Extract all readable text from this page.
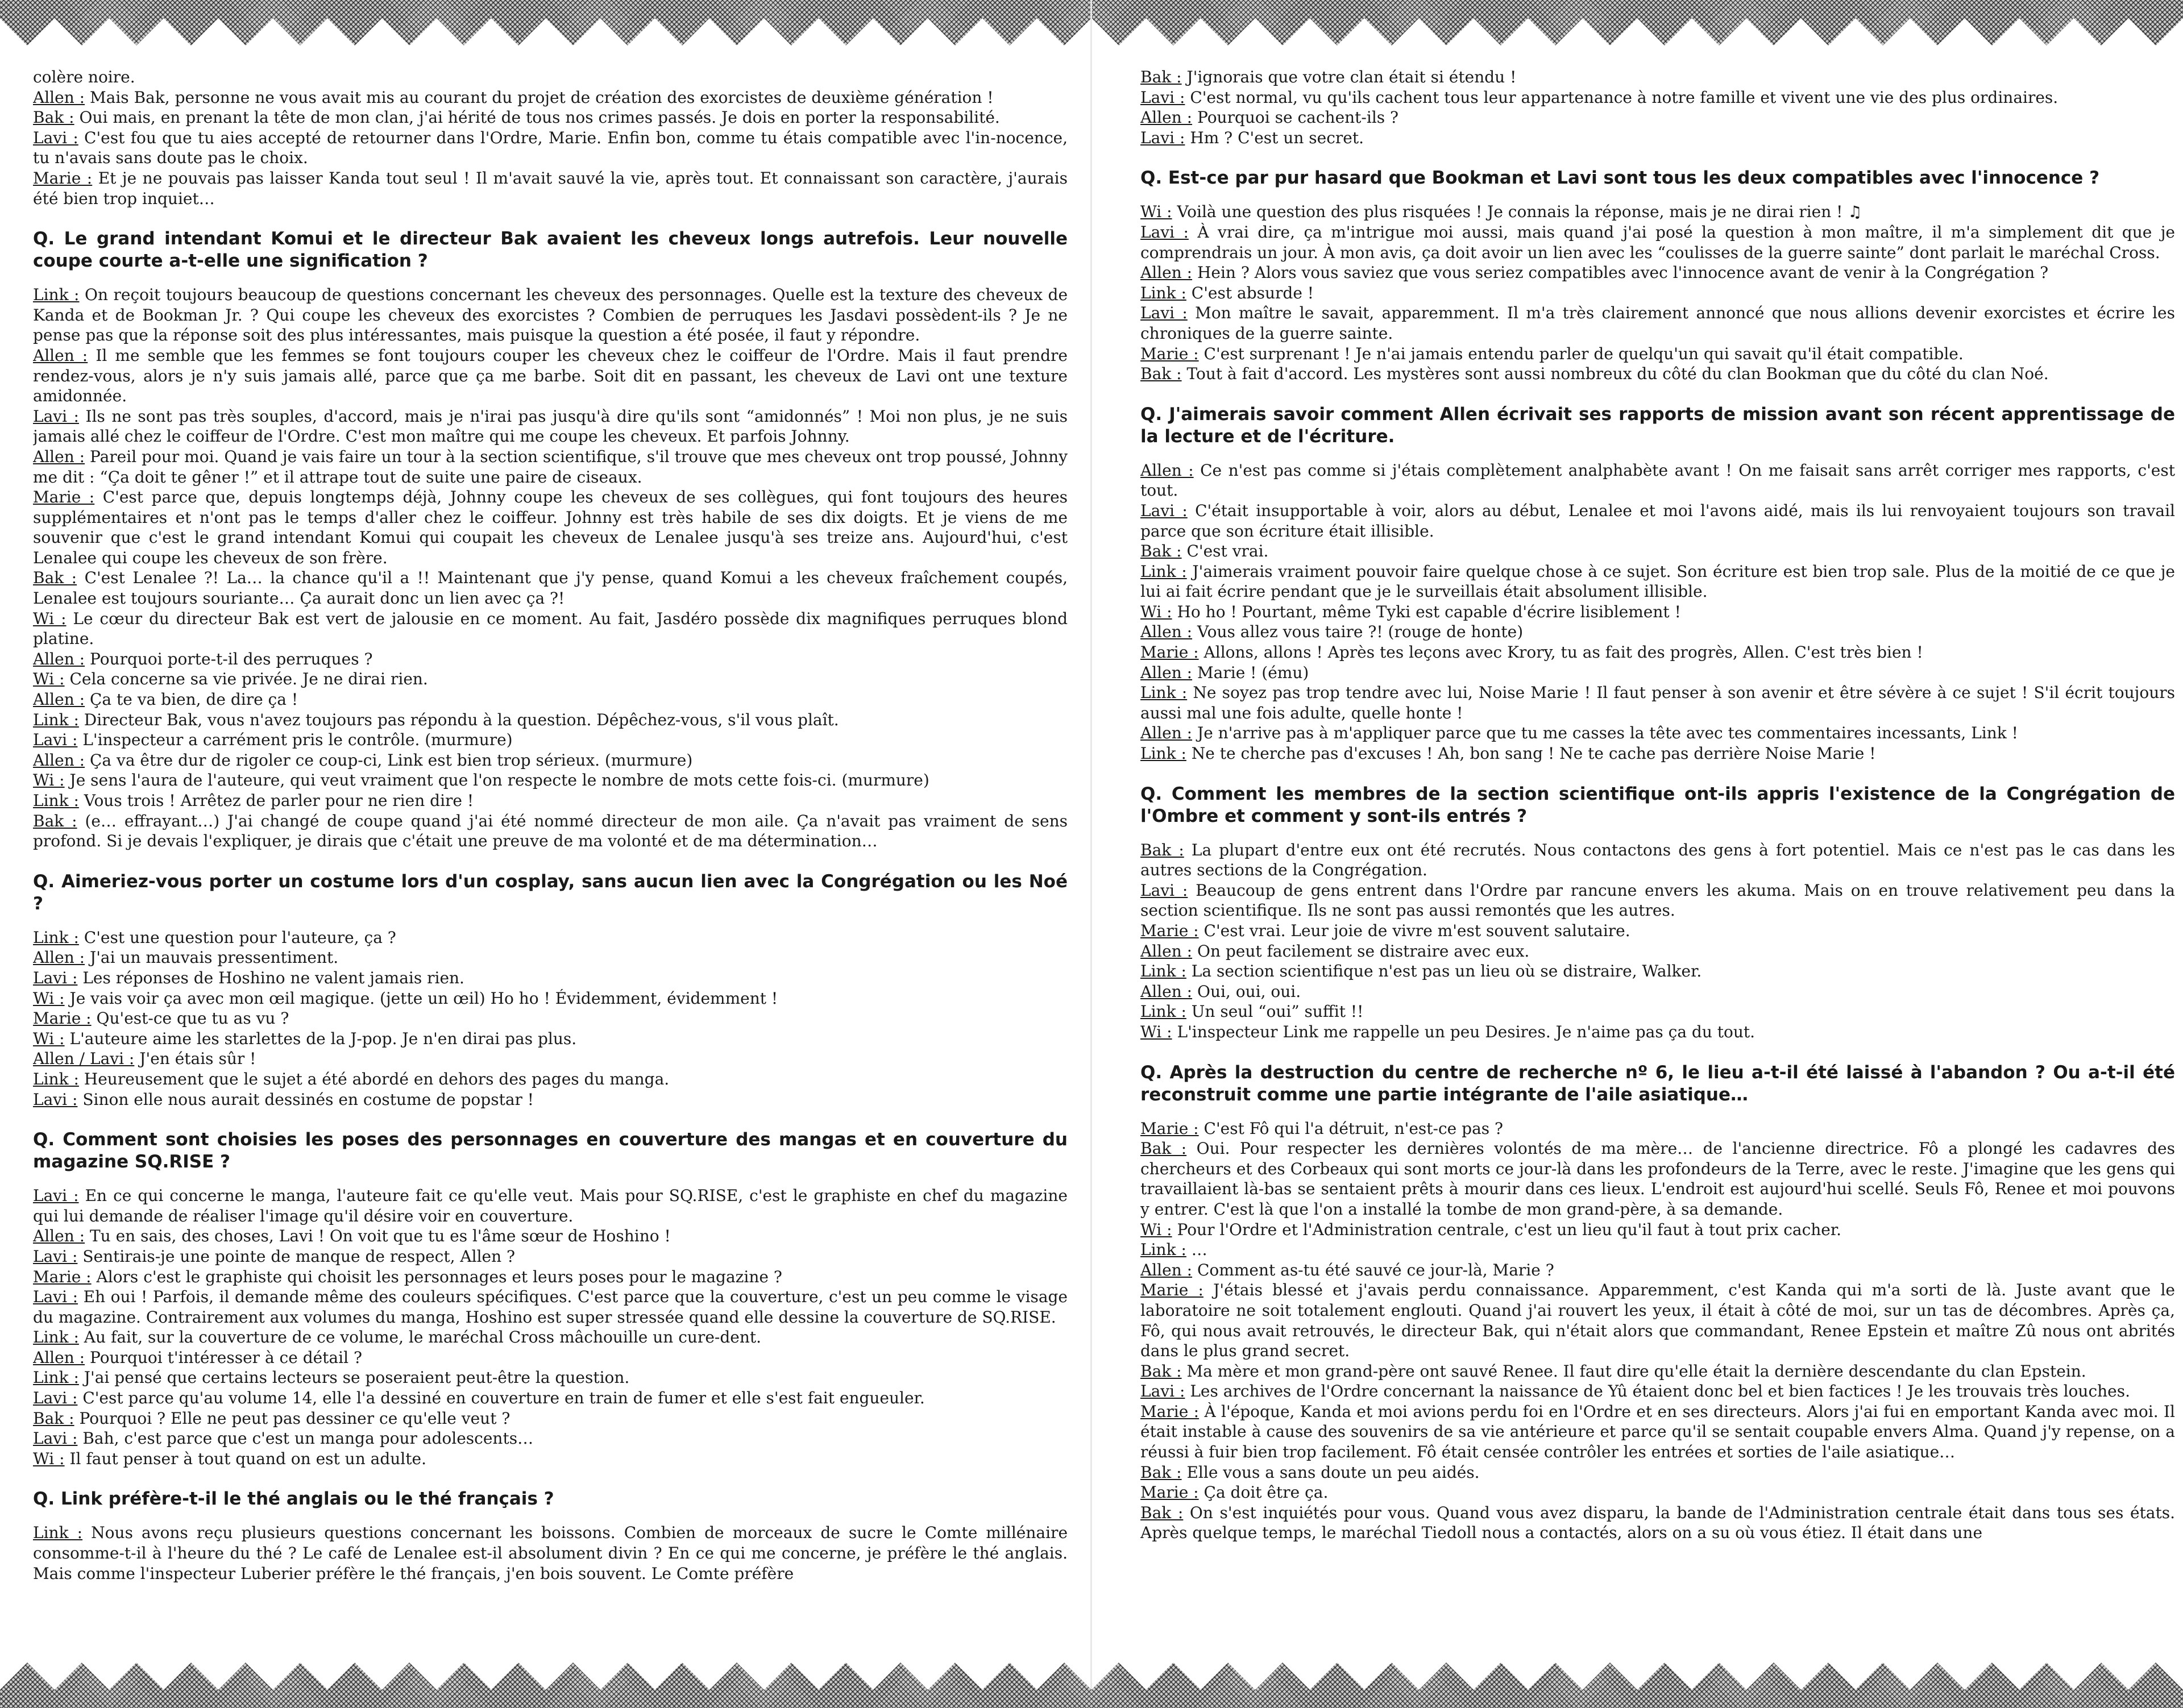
colère noire.

Allen : Mais Bak, personne ne vous avait mis au courant du projet de création des exorcistes de deuxième génération !

Bak : Oui mais, en prenant la tête de mon clan, j'ai hérité de tous nos crimes passés. Je dois en porter la responsabilité.

Lavi : C'est fou que tu aies accepté de retourner dans l'Ordre, Marie. Enfin bon, comme tu étais compatible avec l'in-nocence, tu n'avais sans doute pas le choix.

Marie : Et je ne pouvais pas laisser Kanda tout seul ! Il m'avait sauvé la vie, après tout. Et connaissant son caractère, j'aurais été bien trop inquiet…

Q. Le grand intendant Komui et le directeur Bak avaient les cheveux longs autrefois. Leur nouvelle coupe courte a-t-elle une signification ?

Link : On reçoit toujours beaucoup de questions concernant les cheveux des personnages. Quelle est la texture des cheveux de Kanda et de Bookman Jr. ? Qui coupe les cheveux des exorcistes ? Combien de perruques les Jasdavi possèdent-ils ? Je ne pense pas que la réponse soit des plus intéressantes, mais puisque la question a été posée, il faut y répondre.

Allen : Il me semble que les femmes se font toujours couper les cheveux chez le coiffeur de l'Ordre. Mais il faut prendre rendez-vous, alors je n'y suis jamais allé, parce que ça me barbe. Soit dit en passant, les cheveux de Lavi ont une texture amidonnée.

Lavi : Ils ne sont pas très souples, d'accord, mais je n'irai pas jusqu'à dire qu'ils sont “amidonnés” ! Moi non plus, je ne suis jamais allé chez le coiffeur de l'Ordre. C'est mon maître qui me coupe les cheveux. Et parfois Johnny.

Allen : Pareil pour moi. Quand je vais faire un tour à la section scientifique, s'il trouve que mes cheveux ont trop poussé, Johnny me dit : “Ça doit te gêner !” et il attrape tout de suite une paire de ciseaux.

Marie : C'est parce que, depuis longtemps déjà, Johnny coupe les cheveux de ses collègues, qui font toujours des heures supplémentaires et n'ont pas le temps d'aller chez le coiffeur. Johnny est très habile de ses dix doigts. Et je viens de me souvenir que c'est le grand intendant Komui qui coupait les cheveux de Lenalee jusqu'à ses treize ans. Aujourd'hui, c'est Lenalee qui coupe les cheveux de son frère.

Bak : C'est Lenalee ?! La… la chance qu'il a !! Maintenant que j'y pense, quand Komui a les cheveux fraîchement coupés, Lenalee est toujours souriante… Ça aurait donc un lien avec ça ?!

Wi : Le cœur du directeur Bak est vert de jalousie en ce moment. Au fait, Jasdéro possède dix magnifiques perruques blond platine.

Allen : Pourquoi porte-t-il des perruques ?

Wi : Cela concerne sa vie privée. Je ne dirai rien.

Allen : Ça te va bien, de dire ça !

Link : Directeur Bak, vous n'avez toujours pas répondu à la question. Dépêchez-vous, s'il vous plaît.

Lavi : L'inspecteur a carrément pris le contrôle. (murmure)

Allen : Ça va être dur de rigoler ce coup-ci, Link est bien trop sérieux. (murmure)

Wi : Je sens l'aura de l'auteure, qui veut vraiment que l'on respecte le nombre de mots cette fois-ci. (murmure)

Link : Vous trois ! Arrêtez de parler pour ne rien dire !

Bak : (e… effrayant…) J'ai changé de coupe quand j'ai été nommé directeur de mon aile. Ça n'avait pas vraiment de sens profond. Si je devais l'expliquer, je dirais que c'était une preuve de ma volonté et de ma détermination…

Q. Aimeriez-vous porter un costume lors d'un cosplay, sans aucun lien avec la Congrégation ou les Noé ?

Link : C'est une question pour l'auteure, ça ?

Allen : J'ai un mauvais pressentiment.

Lavi : Les réponses de Hoshino ne valent jamais rien.

Wi : Je vais voir ça avec mon œil magique. (jette un œil) Ho ho ! Évidemment, évidemment !

Marie : Qu'est-ce que tu as vu ?

Wi : L'auteure aime les starlettes de la J-pop. Je n'en dirai pas plus.

Allen / Lavi : J'en étais sûr !

Link : Heureusement que le sujet a été abordé en dehors des pages du manga.

Lavi : Sinon elle nous aurait dessinés en costume de popstar !

Q. Comment sont choisies les poses des personnages en couverture des mangas et en couverture du magazine SQ.RISE ?

Lavi : En ce qui concerne le manga, l'auteure fait ce qu'elle veut. Mais pour SQ.RISE, c'est le graphiste en chef du magazine qui lui demande de réaliser l'image qu'il désire voir en couverture.

Allen : Tu en sais, des choses, Lavi ! On voit que tu es l'âme sœur de Hoshino !

Lavi : Sentirais-je une pointe de manque de respect, Allen ?

Marie : Alors c'est le graphiste qui choisit les personnages et leurs poses pour le magazine ?

Lavi : Eh oui ! Parfois, il demande même des couleurs spécifiques. C'est parce que la couverture, c'est un peu comme le visage du magazine. Contrairement aux volumes du manga, Hoshino est super stressée quand elle dessine la couverture de SQ.RISE.

Link : Au fait, sur la couverture de ce volume, le maréchal Cross mâchouille un cure-dent.

Allen : Pourquoi t'intéresser à ce détail ?

Link : J'ai pensé que certains lecteurs se poseraient peut-être la question.

Lavi : C'est parce qu'au volume 14, elle l'a dessiné en couverture en train de fumer et elle s'est fait engueuler.

Bak : Pourquoi ? Elle ne peut pas dessiner ce qu'elle veut ?

Lavi : Bah, c'est parce que c'est un manga pour adolescents…

Wi : Il faut penser à tout quand on est un adulte.

Q. Link préfère-t-il le thé anglais ou le thé français ?

Link : Nous avons reçu plusieurs questions concernant les boissons. Combien de morceaux de sucre le Comte millénaire consomme-t-il à l'heure du thé ? Le café de Lenalee est-il absolument divin ? En ce qui me concerne, je préfère le thé anglais. Mais comme l'inspecteur Luberier préfère le thé français, j'en bois souvent. Le Comte préfère

Bak : J'ignorais que votre clan était si étendu !

Lavi : C'est normal, vu qu'ils cachent tous leur appartenance à notre famille et vivent une vie des plus ordinaires.

Allen : Pourquoi se cachent-ils ?

Lavi : Hm ? C'est un secret.

Q. Est-ce par pur hasard que Bookman et Lavi sont tous les deux compatibles avec l'innocence ?

Wi : Voilà une question des plus risquées ! Je connais la réponse, mais je ne dirai rien ! ♫

Lavi : À vrai dire, ça m'intrigue moi aussi, mais quand j'ai posé la question à mon maître, il m'a simplement dit que je comprendrais un jour. À mon avis, ça doit avoir un lien avec les “coulisses de la guerre sainte” dont parlait le maréchal Cross.

Allen : Hein ? Alors vous saviez que vous seriez compatibles avec l'innocence avant de venir à la Congrégation ?

Link : C'est absurde !

Lavi : Mon maître le savait, apparemment. Il m'a très clairement annoncé que nous allions devenir exorcistes et écrire les chroniques de la guerre sainte.

Marie : C'est surprenant ! Je n'ai jamais entendu parler de quelqu'un qui savait qu'il était compatible.

Bak : Tout à fait d'accord. Les mystères sont aussi nombreux du côté du clan Bookman que du côté du clan Noé.

Q. J'aimerais savoir comment Allen écrivait ses rapports de mission avant son récent apprentissage de la lecture et de l'écriture.

Allen : Ce n'est pas comme si j'étais complètement analphabète avant ! On me faisait sans arrêt corriger mes rapports, c'est tout.

Lavi : C'était insupportable à voir, alors au début, Lenalee et moi l'avons aidé, mais ils lui renvoyaient toujours son travail parce que son écriture était illisible.

Bak : C'est vrai.

Link : J'aimerais vraiment pouvoir faire quelque chose à ce sujet. Son écriture est bien trop sale. Plus de la moitié de ce que je lui ai fait écrire pendant que je le surveillais était absolument illisible.

Wi : Ho ho ! Pourtant, même Tyki est capable d'écrire lisiblement !

Allen : Vous allez vous taire ?! (rouge de honte)

Marie : Allons, allons ! Après tes leçons avec Krory, tu as fait des progrès, Allen. C'est très bien !

Allen : Marie ! (ému)

Link : Ne soyez pas trop tendre avec lui, Noise Marie ! Il faut penser à son avenir et être sévère à ce sujet ! S'il écrit toujours aussi mal une fois adulte, quelle honte !

Allen : Je n'arrive pas à m'appliquer parce que tu me casses la tête avec tes commentaires incessants, Link !

Link : Ne te cherche pas d'excuses ! Ah, bon sang ! Ne te cache pas derrière Noise Marie !

Q. Comment les membres de la section scientifique ont-ils appris l'existence de la Congrégation de l'Ombre et comment y sont-ils entrés ?

Bak : La plupart d'entre eux ont été recrutés. Nous contactons des gens à fort potentiel. Mais ce n'est pas le cas dans les autres sections de la Congrégation.

Lavi : Beaucoup de gens entrent dans l'Ordre par rancune envers les akuma. Mais on en trouve relativement peu dans la section scientifique. Ils ne sont pas aussi remontés que les autres.

Marie : C'est vrai. Leur joie de vivre m'est souvent salutaire.

Allen : On peut facilement se distraire avec eux.

Link : La section scientifique n'est pas un lieu où se distraire, Walker.

Allen : Oui, oui, oui.

Link : Un seul “oui” suffit !!

Wi : L'inspecteur Link me rappelle un peu Desires. Je n'aime pas ça du tout.

Q. Après la destruction du centre de recherche nº 6, le lieu a-t-il été laissé à l'abandon ? Ou a-t-il été reconstruit comme une partie intégrante de l'aile asiatique…

Marie : C'est Fô qui l'a détruit, n'est-ce pas ?

Bak : Oui. Pour respecter les dernières volontés de ma mère… de l'ancienne directrice. Fô a plongé les cadavres des chercheurs et des Corbeaux qui sont morts ce jour-là dans les profondeurs de la Terre, avec le reste. J'imagine que les gens qui travaillaient là-bas se sentaient prêts à mourir dans ces lieux. L'endroit est aujourd'hui scellé. Seuls Fô, Renee et moi pouvons y entrer. C'est là que l'on a installé la tombe de mon grand-père, à sa demande.

Wi : Pour l'Ordre et l'Administration centrale, c'est un lieu qu'il faut à tout prix cacher.

Link : …

Allen : Comment as-tu été sauvé ce jour-là, Marie ?

Marie : J'étais blessé et j'avais perdu connaissance. Apparemment, c'est Kanda qui m'a sorti de là. Juste avant que le laboratoire ne soit totalement englouti. Quand j'ai rouvert les yeux, il était à côté de moi, sur un tas de décombres. Après ça, Fô, qui nous avait retrouvés, le directeur Bak, qui n'était alors que commandant, Renee Epstein et maître Zû nous ont abrités dans le plus grand secret.

Bak : Ma mère et mon grand-père ont sauvé Renee. Il faut dire qu'elle était la dernière descendante du clan Epstein.

Lavi : Les archives de l'Ordre concernant la naissance de Yû étaient donc bel et bien factices ! Je les trouvais très louches.

Marie : À l'époque, Kanda et moi avions perdu foi en l'Ordre et en ses directeurs. Alors j'ai fui en emportant Kanda avec moi. Il était instable à cause des souvenirs de sa vie antérieure et parce qu'il se sentait coupable envers Alma. Quand j'y repense, on a réussi à fuir bien trop facilement. Fô était censée contrôler les entrées et sorties de l'aile asiatique…

Bak : Elle vous a sans doute un peu aidés.

Marie : Ça doit être ça.

Bak : On s'est inquiétés pour vous. Quand vous avez disparu, la bande de l'Administration centrale était dans tous ses états. Après quelque temps, le maréchal Tiedoll nous a contactés, alors on a su où vous étiez. Il était dans une
